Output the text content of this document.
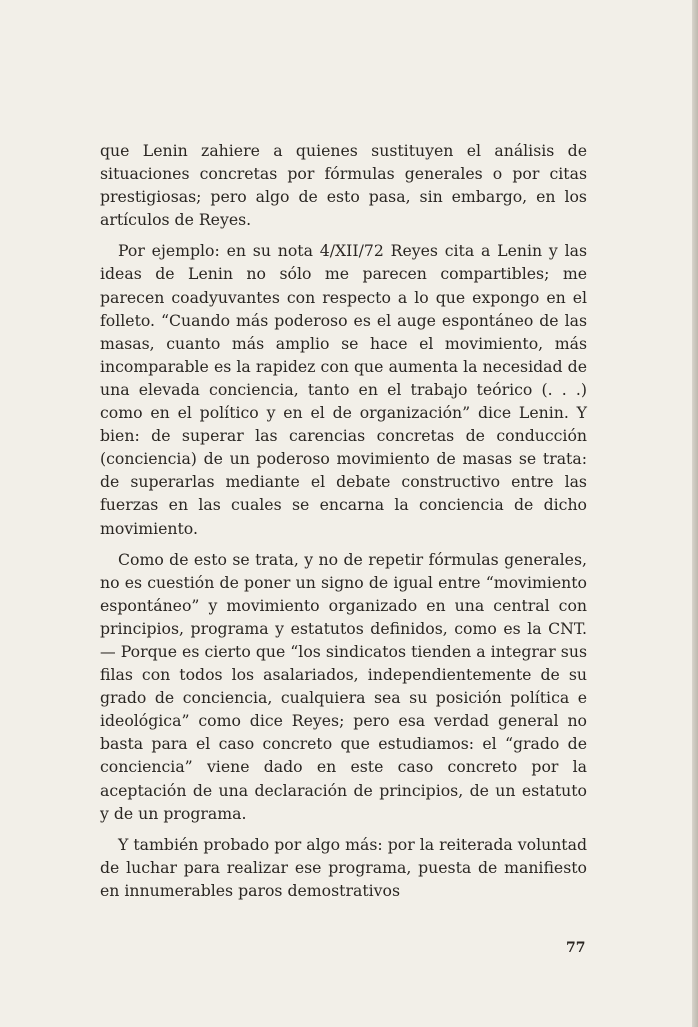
que Lenin zahiere a quienes sustituyen el análisis de situaciones concretas por fórmulas generales o por citas prestigiosas; pero algo de esto pasa, sin embargo, en los artículos de Reyes.

Por ejemplo: en su nota 4/XII/72 Reyes cita a Lenin y las ideas de Lenin no sólo me parecen compartibles; me parecen coadyuvantes con respecto a lo que expongo en el folleto. “Cuando más poderoso es el auge espontáneo de las masas, cuanto más amplio se hace el movimiento, más incomparable es la rapidez con que aumenta la necesidad de una elevada conciencia, tanto en el trabajo teórico (. . .) como en el político y en el de organización” dice Lenin. Y bien: de superar las carencias concretas de conducción (conciencia) de un poderoso movimiento de masas se trata: de superarlas mediante el debate constructivo entre las fuerzas en las cuales se encarna la conciencia de dicho movimiento.

Como de esto se trata, y no de repetir fórmulas generales, no es cuestión de poner un signo de igual entre “movimiento espontáneo” y movimiento organizado en una central con principios, programa y estatutos definidos, como es la CNT.— Porque es cierto que “los sindicatos tienden a integrar sus filas con todos los asalariados, independientemente de su grado de conciencia, cualquiera sea su posición política e ideológica” como dice Reyes; pero esa verdad general no basta para el caso concreto que estudiamos: el “grado de conciencia” viene dado en este caso concreto por la aceptación de una declaración de principios, de un estatuto y de un programa.

Y también probado por algo más: por la reiterada voluntad de luchar para realizar ese programa, puesta de manifiesto en innumerables paros demostrativos

77
